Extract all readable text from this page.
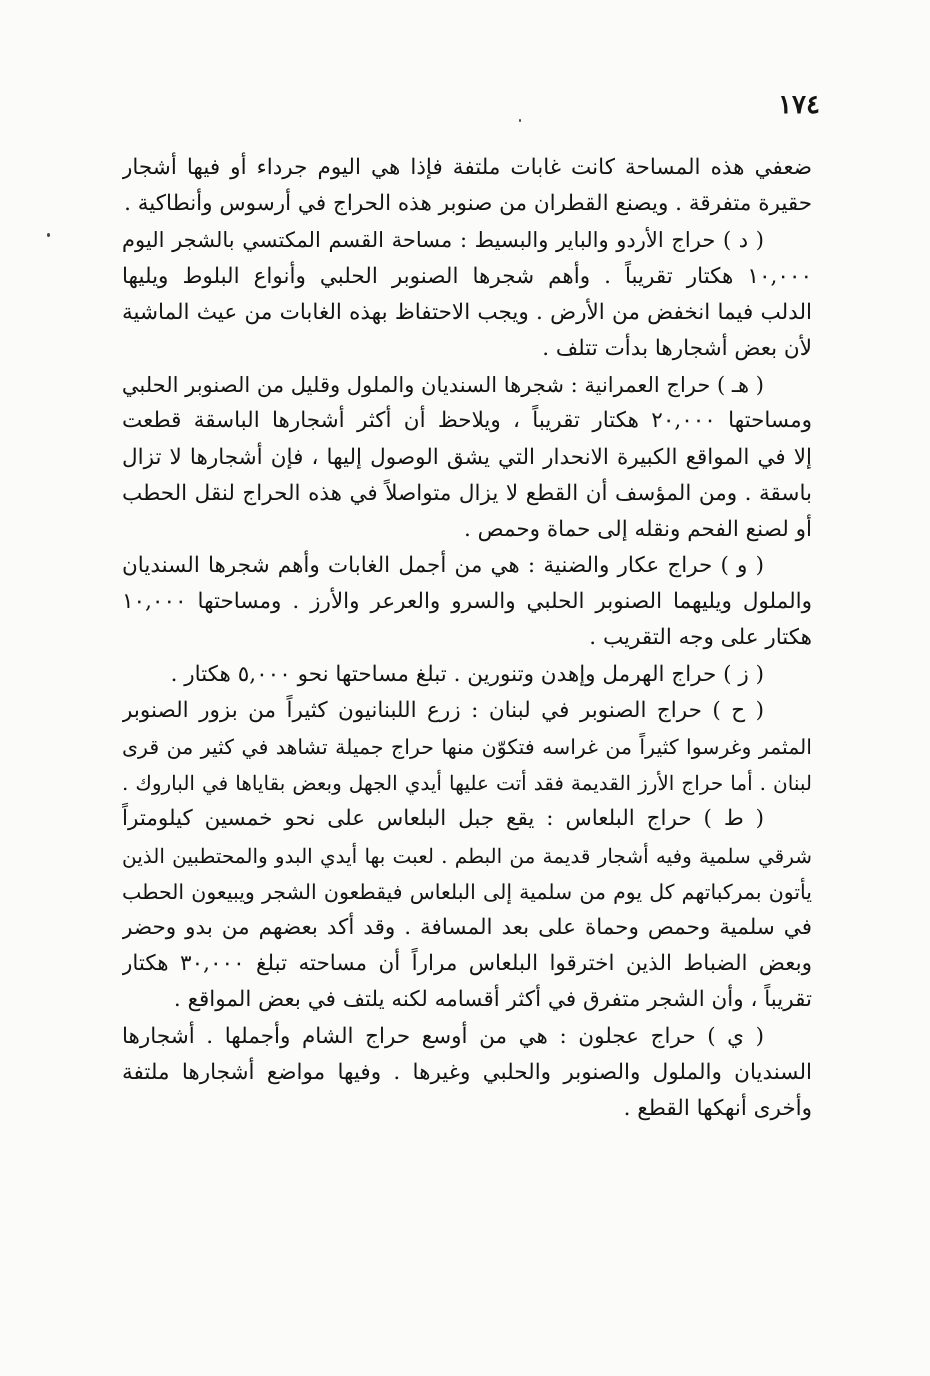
١٧٤
ضعفي هذه المساحة كانت غابات ملتفة فإذا هي اليوم جرداء أو فيها أشجار
حقيرة متفرقة . ويصنع القطران من صنوبر هذه الحراج في أرسوس وأنطاكية .
( د ) حراج الأردو والباير والبسيط : مساحة القسم المكتسي بالشجر اليوم
١٠,٠٠٠ هكتار تقريباً . وأهم شجرها الصنوبر الحلبي وأنواع البلوط ويليها
الدلب فيما انخفض من الأرض . ويجب الاحتفاظ بهذه الغابات من عيث الماشية
لأن بعض أشجارها بدأت تتلف .
( هـ ) حراج العمرانية : شجرها السنديان والملول وقليل من الصنوبر الحلبي
ومساحتها ٢٠,٠٠٠ هكتار تقريباً ، ويلاحظ أن أكثر أشجارها الباسقة قطعت
إلا في المواقع الكبيرة الانحدار التي يشق الوصول إليها ، فإن أشجارها لا تزال
باسقة . ومن المؤسف أن القطع لا يزال متواصلاً في هذه الحراج لنقل الحطب
أو لصنع الفحم ونقله إلى حماة وحمص .
( و ) حراج عكار والضنية : هي من أجمل الغابات وأهم شجرها السنديان
والملول ويليهما الصنوبر الحلبي والسرو والعرعر والأرز . ومساحتها ١٠,٠٠٠
هكتار على وجه التقريب .
( ز ) حراج الهرمل وإهدن وتنورين . تبلغ مساحتها نحو ٥,٠٠٠ هكتار .
( ح ) حراج الصنوبر في لبنان : زرع اللبنانيون كثيراً من بزور الصنوبر
المثمر وغرسوا كثيراً من غراسه فتكوّن منها حراج جميلة تشاهد في كثير من قرى
لبنان . أما حراج الأرز القديمة فقد أتت عليها أيدي الجهل وبعض بقاياها في الباروك .
( ط ) حراج البلعاس : يقع جبل البلعاس على نحو خمسين كيلومتراً
شرقي سلمية وفيه أشجار قديمة من البطم . لعبت بها أيدي البدو والمحتطبين الذين
يأتون بمركباتهم كل يوم من سلمية إلى البلعاس فيقطعون الشجر ويبيعون الحطب
في سلمية وحمص وحماة على بعد المسافة . وقد أكد بعضهم من بدو وحضر
وبعض الضباط الذين اخترقوا البلعاس مراراً أن مساحته تبلغ ٣٠,٠٠٠ هكتار
تقريباً ، وأن الشجر متفرق في أكثر أقسامه لكنه يلتف في بعض المواقع .
( ي ) حراج عجلون : هي من أوسع حراج الشام وأجملها . أشجارها
السنديان والملول والصنوبر والحلبي وغيرها . وفيها مواضع أشجارها ملتفة
وأخرى أنهكها القطع .
